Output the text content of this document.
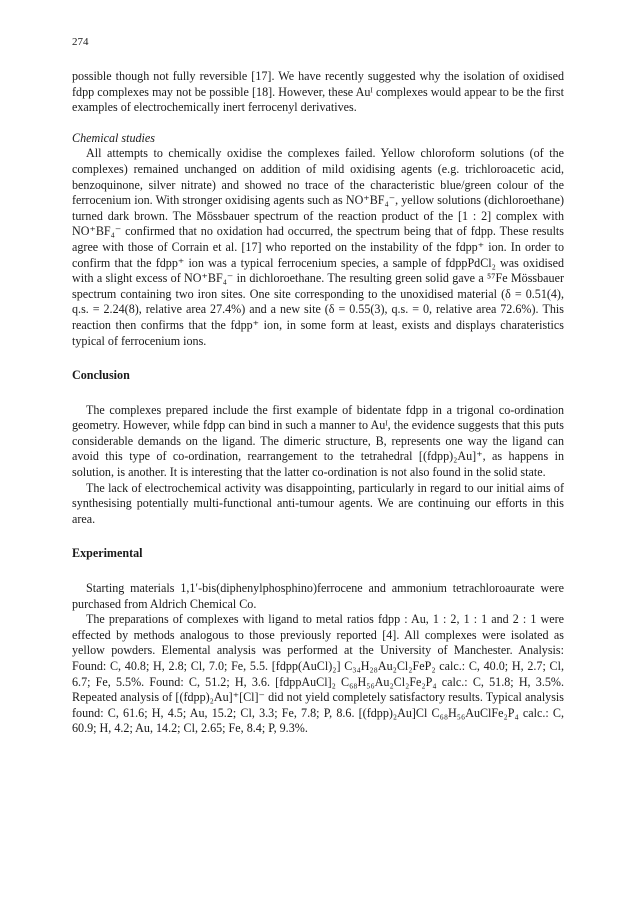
274

possible though not fully reversible [17]. We have recently suggested why the isolation of oxidised fdpp complexes may not be possible [18]. However, these Auᴵ complexes would appear to be the first examples of electrochemically inert ferrocenyl derivatives.

Chemical studies

All attempts to chemically oxidise the complexes failed. Yellow chloroform solutions (of the complexes) remained unchanged on addition of mild oxidising agents (e.g. trichloroacetic acid, benzoquinone, silver nitrate) and showed no trace of the characteristic blue/green colour of the ferrocenium ion. With stronger oxidising agents such as NO⁺BF₄⁻, yellow solutions (dichloroethane) turned dark brown. The Mössbauer spectrum of the reaction product of the [1 : 2] complex with NO⁺BF₄⁻ confirmed that no oxidation had occurred, the spectrum being that of fdpp. These results agree with those of Corrain et al. [17] who reported on the instability of the fdpp⁺ ion. In order to confirm that the fdpp⁺ ion was a typical ferrocenium species, a sample of fdppPdCl₂ was oxidised with a slight excess of NO⁺BF₄⁻ in dichloroethane. The resulting green solid gave a ⁵⁷Fe Mössbauer spectrum containing two iron sites. One site corresponding to the unoxidised material (δ = 0.51(4), q.s. = 2.24(8), relative area 27.4%) and a new site (δ = 0.55(3), q.s. = 0, relative area 72.6%). This reaction then confirms that the fdpp⁺ ion, in some form at least, exists and displays charateristics typical of ferrocenium ions.

Conclusion

The complexes prepared include the first example of bidentate fdpp in a trigonal co-ordination geometry. However, while fdpp can bind in such a manner to Auᴵ, the evidence suggests that this puts considerable demands on the ligand. The dimeric structure, B, represents one way the ligand can avoid this type of co-ordination, rearrangement to the tetrahedral [(fdpp)₂Au]⁺, as happens in solution, is another. It is interesting that the latter co-ordination is not also found in the solid state.

The lack of electrochemical activity was disappointing, particularly in regard to our initial aims of synthesising potentially multi-functional anti-tumour agents. We are continuing our efforts in this area.

Experimental

Starting materials 1,1′-bis(diphenylphosphino)ferrocene and ammonium tetrachloroaurate were purchased from Aldrich Chemical Co.

The preparations of complexes with ligand to metal ratios fdpp : Au, 1 : 2, 1 : 1 and 2 : 1 were effected by methods analogous to those previously reported [4]. All complexes were isolated as yellow powders. Elemental analysis was performed at the University of Manchester. Analysis: Found: C, 40.8; H, 2.8; Cl, 7.0; Fe, 5.5. [fdpp(AuCl)₂] C₃₄H₂₈Au₂Cl₂FeP₂ calc.: C, 40.0; H, 2.7; Cl, 6.7; Fe, 5.5%. Found: C, 51.2; H, 3.6. [fdppAuCl]₂ C₆₈H₅₆Au₂Cl₂Fe₂P₄ calc.: C, 51.8; H, 3.5%. Repeated analysis of [(fdpp)₂Au]⁺[Cl]⁻ did not yield completely satisfactory results. Typical analysis found: C, 61.6; H, 4.5; Au, 15.2; Cl, 3.3; Fe, 7.8; P, 8.6. [(fdpp)₂Au]Cl C₆₈H₅₆AuClFe₂P₄ calc.: C, 60.9; H, 4.2; Au, 14.2; Cl, 2.65; Fe, 8.4; P, 9.3%.
